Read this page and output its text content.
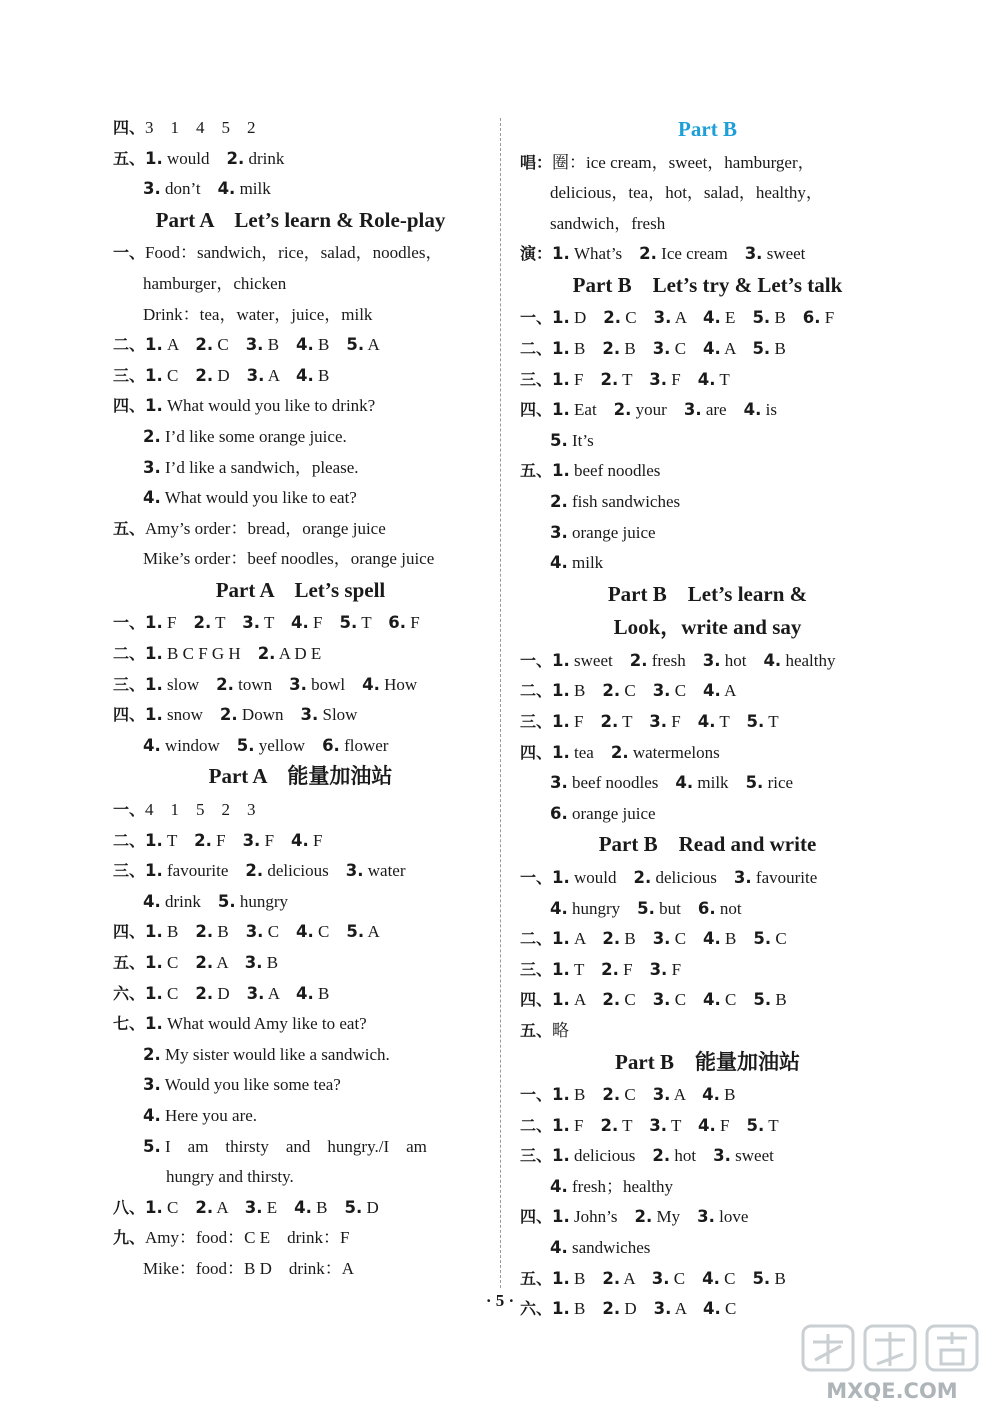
四、3　1　4　5　2
五、1. would　2. drink
3. don’t　4. milk
Part A　Let’s learn & Role-play
一、Food：sandwich，rice，salad，noodles，
hamburger，chicken
Drink：tea，water，juice，milk
二、1. A　2. C　3. B　4. B　5. A
三、1. C　2. D　3. A　4. B
四、1. What would you like to drink?
2. I’d like some orange juice.
3. I’d like a sandwich，please.
4. What would you like to eat?
五、Amy’s order：bread，orange juice
Mike’s order：beef noodles，orange juice
Part A　Let’s spell
一、1. F　2. T　3. T　4. F　5. T　6. F
二、1. B C F G H　2. A D E
三、1. slow　2. town　3. bowl　4. How
四、1. snow　2. Down　3. Slow
4. window　5. yellow　6. flower
Part A　能量加油站
一、4　1　5　2　3
二、1. T　2. F　3. F　4. F
三、1. favourite　2. delicious　3. water
4. drink　5. hungry
四、1. B　2. B　3. C　4. C　5. A
五、1. C　2. A　3. B
六、1. C　2. D　3. A　4. B
七、1. What would Amy like to eat?
2. My sister would like a sandwich.
3. Would you like some tea?
4. Here you are.
5. I　am　thirsty　and　hungry./I　am
hungry and thirsty.
八、1. C　2. A　3. E　4. B　5. D
九、Amy：food：C E　drink：F
Mike：food：B D　drink：A
Part B
唱：圈：ice cream，sweet，hamburger，
delicious，tea，hot，salad，healthy，
sandwich，fresh
演：1. What’s　2. Ice cream　3. sweet
Part B　Let’s try & Let’s talk
一、1. D　2. C　3. A　4. E　5. B　6. F
二、1. B　2. B　3. C　4. A　5. B
三、1. F　2. T　3. F　4. T
四、1. Eat　2. your　3. are　4. is
5. It’s
五、1. beef noodles
2. fish sandwiches
3. orange juice
4. milk
Part B　Let’s learn &
Look，write and say
一、1. sweet　2. fresh　3. hot　4. healthy
二、1. B　2. C　3. C　4. A
三、1. F　2. T　3. F　4. T　5. T
四、1. tea　2. watermelons
3. beef noodles　4. milk　5. rice
6. orange juice
Part B　Read and write
一、1. would　2. delicious　3. favourite
4. hungry　5. but　6. not
二、1. A　2. B　3. C　4. B　5. C
三、1. T　2. F　3. F
四、1. A　2. C　3. C　4. C　5. B
五、略
Part B　能量加油站
一、1. B　2. C　3. A　4. B
二、1. F　2. T　3. T　4. F　5. T
三、1. delicious　2. hot　3. sweet
4. fresh；healthy
四、1. John’s　2. My　3. love
4. sandwiches
五、1. B　2. A　3. C　4. C　5. B
六、1. B　2. D　3. A　4. C
· 5 ·
MXQE.COM
